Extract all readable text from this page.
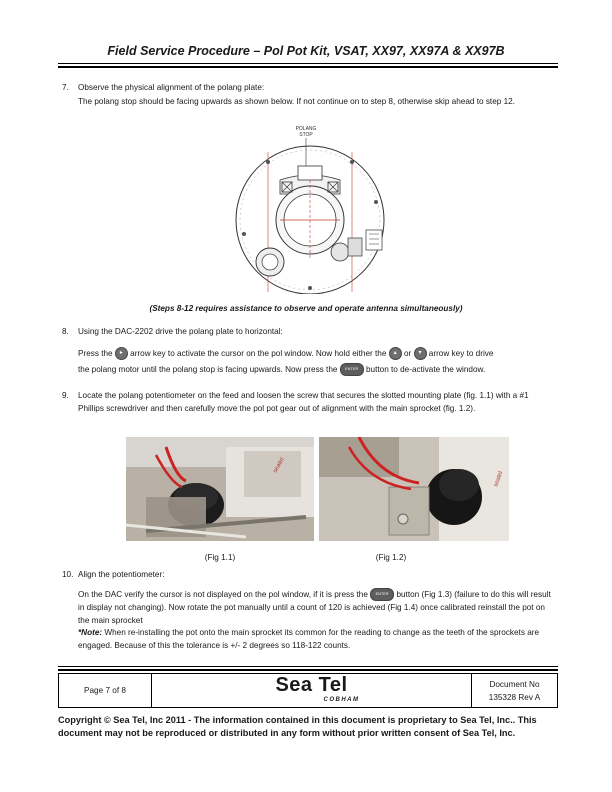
Field Service Procedure – Pol Pot Kit, VSAT, XX97, XX97A & XX97B
7.	Observe the physical alignment of the polang plate:
The polang stop should be facing upwards as shown below. If not continue on to step 8, otherwise skip ahead to step 12.
POLANG
STOP
(Steps 8-12 requires assistance to observe and operate antenna simultaneously)
8.	Using the DAC-2202 drive the polang plate to horizontal:
Press the	▸ arrow key to activate the cursor on the pol window. Now hold either the	▴ or	▾ arrow key to drive
the polang motor until the polang stop is facing upwards. Now press the	ENTER button to de-activate the window.
9.	Locate the polang potentiometer on the feed and loosen the screw that secures the slotted mounting plate (fig. 1.1) with a #1 Phillips screwdriver and then carefully move the pol pot gear out of alignment with the main sprocket (fig. 1.2).
seatel
seatel
(Fig 1.1)	(Fig 1.2)
10. Align the potentiometer:
On the DAC verify the cursor is not displayed on the pol window, if it is press the	ENTER button (Fig 1.3) (failure to do this will result in display not changing). Now rotate the pot manually until a count of 120 is achieved (Fig 1.4) once calibrated reinstall the pot on the main sprocket
*Note: When re-installing the pot onto the main sprocket its common for the reading to change as the teeth of the sprockets are engaged. Because of this the tolerance is +/- 2 degrees so 118-122 counts.
Page 7 of 8	Sea Tel
COBHAM
Document No
135328 Rev A
Copyright © Sea Tel, Inc 2011 - The information contained in this document is proprietary to Sea Tel, Inc.. This document may not be reproduced or distributed in any form without prior written consent of Sea Tel, Inc.
